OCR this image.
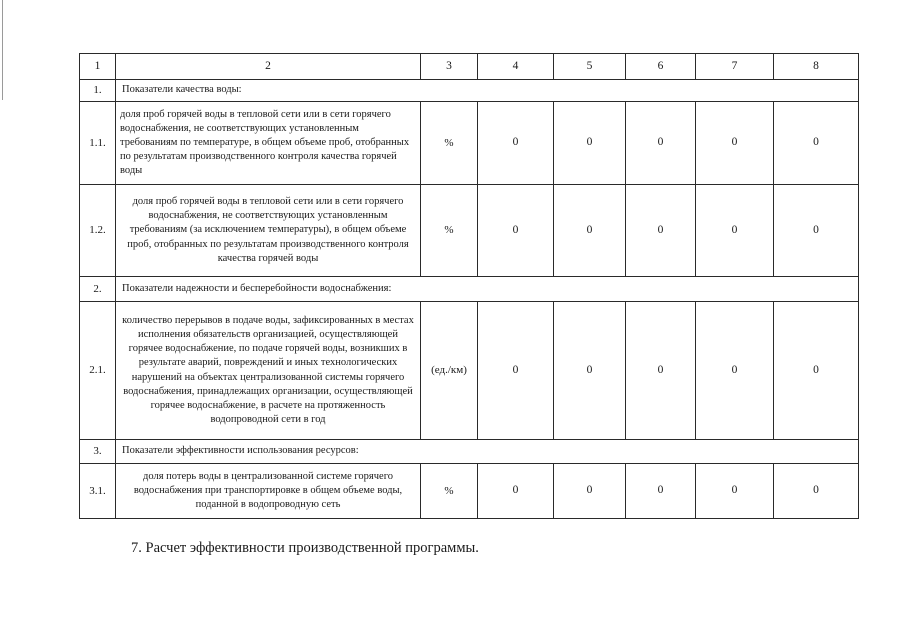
1	2	3	4	5	6	7	8
1.	Показатели качества воды:						
1.1.	доля проб горячей воды в тепловой сети или в сети горячего водоснабжения, не соответствующих установленным требованиям по температуре, в общем объеме проб, отобранных по результатам производственного контроля качества горячей воды	%	0	0	0	0	0
1.2.	доля проб горячей воды в тепловой сети или в сети горячего водоснабжения, не соответствующих установленным требованиям (за исключением температуры), в общем объеме проб, отобранных по результатам производственного контроля качества горячей воды	%	0	0	0	0	0
2.	Показатели надежности и бесперебойности водоснабжения:						
2.1.	количество перерывов в подаче воды, зафиксированных в местах исполнения обязательств организацией, осуществляющей горячее водоснабжение, по подаче горячей воды, возникших в результате аварий, повреждений и иных технологических нарушений на объектах централизованной системы горячего водоснабжения, принадлежащих организации, осуществляющей горячее водоснабжение, в расчете на протяженность водопроводной сети в год	(ед./км)	0	0	0	0	0
3.	Показатели эффективности использования ресурсов:						
3.1.	доля потерь воды в централизованной системе горячего водоснабжения при транспортировке в общем объеме воды, поданной в водопроводную сеть	%	0	0	0	0	0

7. Расчет эффективности производственной программы.
